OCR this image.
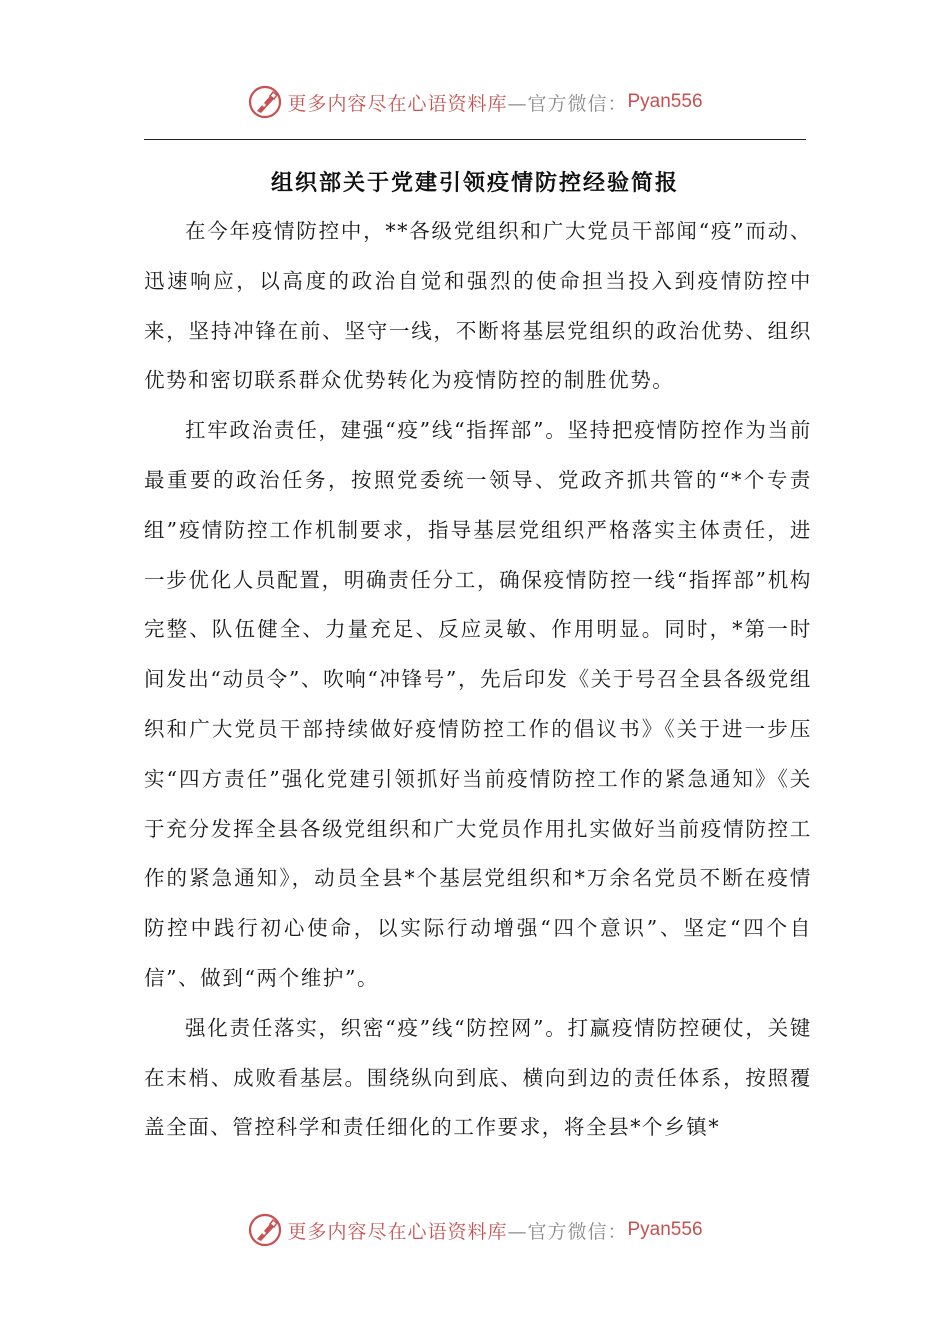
更多内容尽在心语资料库 —官方微信： Pyan556
组织部关于党建引领疫情防控经验简报

在今年疫情防控中，**各级党组织和广大党员干部闻“疫”而动、迅速响应，以高度的政治自觉和强烈的使命担当投入到疫情防控中来，坚持冲锋在前、坚守一线，不断将基层党组织的政治优势、组织优势和密切联系群众优势转化为疫情防控的制胜优势。

扛牢政治责任，建强“疫”线“指挥部”。坚持把疫情防控作为当前最重要的政治任务，按照党委统一领导、党政齐抓共管的“*个专责组”疫情防控工作机制要求，指导基层党组织严格落实主体责任，进一步优化人员配置，明确责任分工，确保疫情防控一线“指挥部”机构完整、队伍健全、力量充足、反应灵敏、作用明显。同时，*第一时间发出“动员令”、吹响“冲锋号”，先后印发《关于号召全县各级党组织和广大党员干部持续做好疫情防控工作的倡议书》《关于进一步压实“四方责任”强化党建引领抓好当前疫情防控工作的紧急通知》《关于充分发挥全县各级党组织和广大党员作用扎实做好当前疫情防控工作的紧急通知》，动员全县*个基层党组织和*万余名党员不断在疫情防控中践行初心使命，以实际行动增强“四个意识”、坚定“四个自信”、做到“两个维护”。

强化责任落实，织密“疫”线“防控网”。打赢疫情防控硬仗，关键在末梢、成败看基层。围绕纵向到底、横向到边的责任体系，按照覆盖全面、管控科学和责任细化的工作要求，将全县*个乡镇*

更多内容尽在心语资料库 —官方微信： Pyan556
